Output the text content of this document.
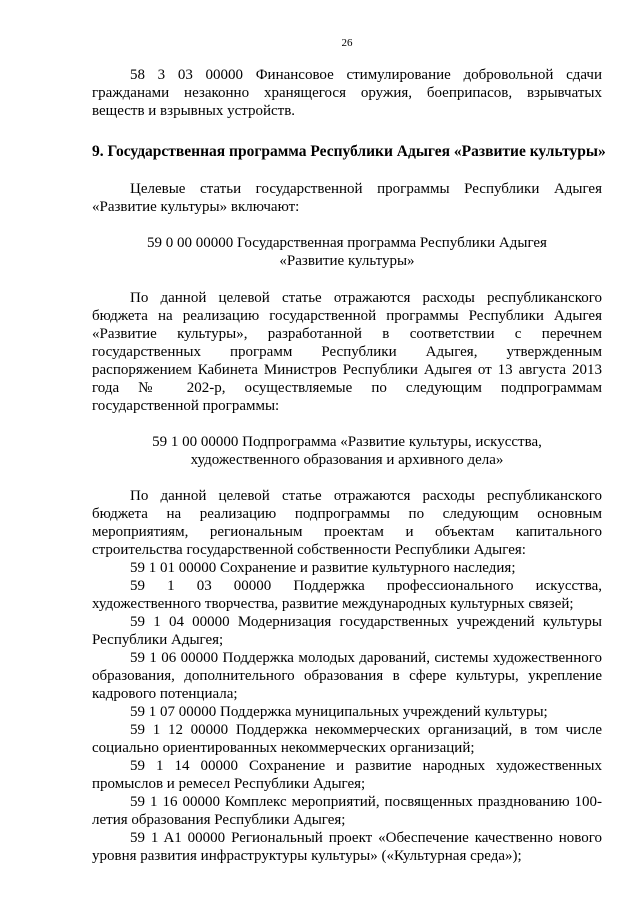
26

58 3 03 00000 Финансовое стимулирование добровольной сдачи гражданами незаконно хранящегося оружия, боеприпасов, взрывчатых веществ и взрывных устройств.

9. Государственная программа Республики Адыгея «Развитие культуры»

Целевые статьи государственной программы Республики Адыгея «Развитие культуры» включают:

59 0 00 00000 Государственная программа Республики Адыгея

«Развитие культуры»

По данной целевой статье отражаются расходы республиканского бюджета на реализацию государственной программы Республики Адыгея «Развитие культуры», разработанной в соответствии с перечнем государственных программ Республики Адыгея, утвержденным распоряжением Кабинета Министров Республики Адыгея от 13 августа 2013 года № 202-р, осуществляемые по следующим подпрограммам государственной программы:

59 1 00 00000 Подпрограмма «Развитие культуры, искусства,

художественного образования и архивного дела»

По данной целевой статье отражаются расходы республиканского бюджета на реализацию подпрограммы по следующим основным мероприятиям, региональным проектам и объектам капитального строительства государственной собственности Республики Адыгея:

59 1 01 00000 Сохранение и развитие культурного наследия;

59 1 03 00000 Поддержка профессионального искусства, художественного творчества, развитие международных культурных связей;

59 1 04 00000 Модернизация государственных учреждений культуры Республики Адыгея;

59 1 06 00000 Поддержка молодых дарований, системы художественного образования, дополнительного образования в сфере культуры, укрепление кадрового потенциала;

59 1 07 00000 Поддержка муниципальных учреждений культуры;

59 1 12 00000 Поддержка некоммерческих организаций, в том числе социально ориентированных некоммерческих организаций;

59 1 14 00000 Сохранение и развитие народных художественных промыслов и ремесел Республики Адыгея;

59 1 16 00000 Комплекс мероприятий, посвященных празднованию 100-летия образования Республики Адыгея;

59 1 A1 00000 Региональный проект «Обеспечение качественно нового уровня развития инфраструктуры культуры» («Культурная среда»);
